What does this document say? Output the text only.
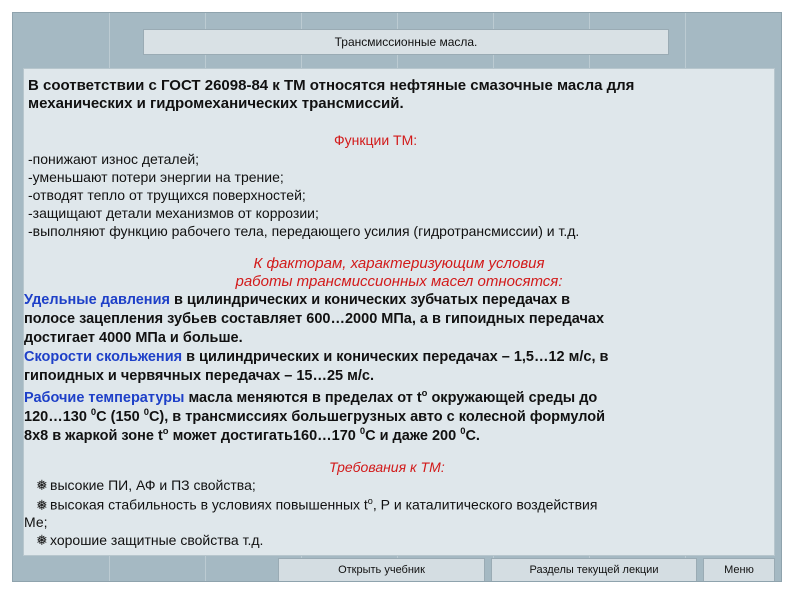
Трансмиссионные масла.

В соответствии с ГОСТ 26098-84 к ТМ относятся нефтяные смазочные масла для

механических и гидромеханических трансмиссий.

Функции ТМ:

-понижают износ деталей;

-уменьшают потери энергии на трение;

-отводят тепло от трущихся поверхностей;

-защищают детали механизмов от коррозии;

-выполняют функцию рабочего тела, передающего усилия (гидротрансмиссии) и т.д.

К факторам, характеризующим условия

работы трансмиссионных масел относятся:

Удельные давления в цилиндрических и конических зубчатых передачах в

полосе зацепления зубьев составляет 600…2000 МПа, а в гипоидных передачах

достигает 4000 МПа и больше.

Скорости скольжения в цилиндрических и конических передачах – 1,5…12 м/с, в

гипоидных и червячных передачах – 15…25 м/с.

Рабочие температуры масла меняются в пределах от $t^o$ окружающей среды до

120…130 $^0$C (150 $^0$C), в трансмиссиях большегрузных авто с колесной формулой

8x8 в жаркой зоне $t^o$ может достигать160…170 $^0$C и даже 200 $^0$C.

Требования к ТМ:

❅ высокие ПИ, АФ и ПЗ свойства;

❅ высокая стабильность в условиях повышенных $t^o$, Р и каталитического воздействия

Ме;

❅ хорошие защитные свойства т.д.

Открыть учебник	Разделы текущей лекции	Меню
